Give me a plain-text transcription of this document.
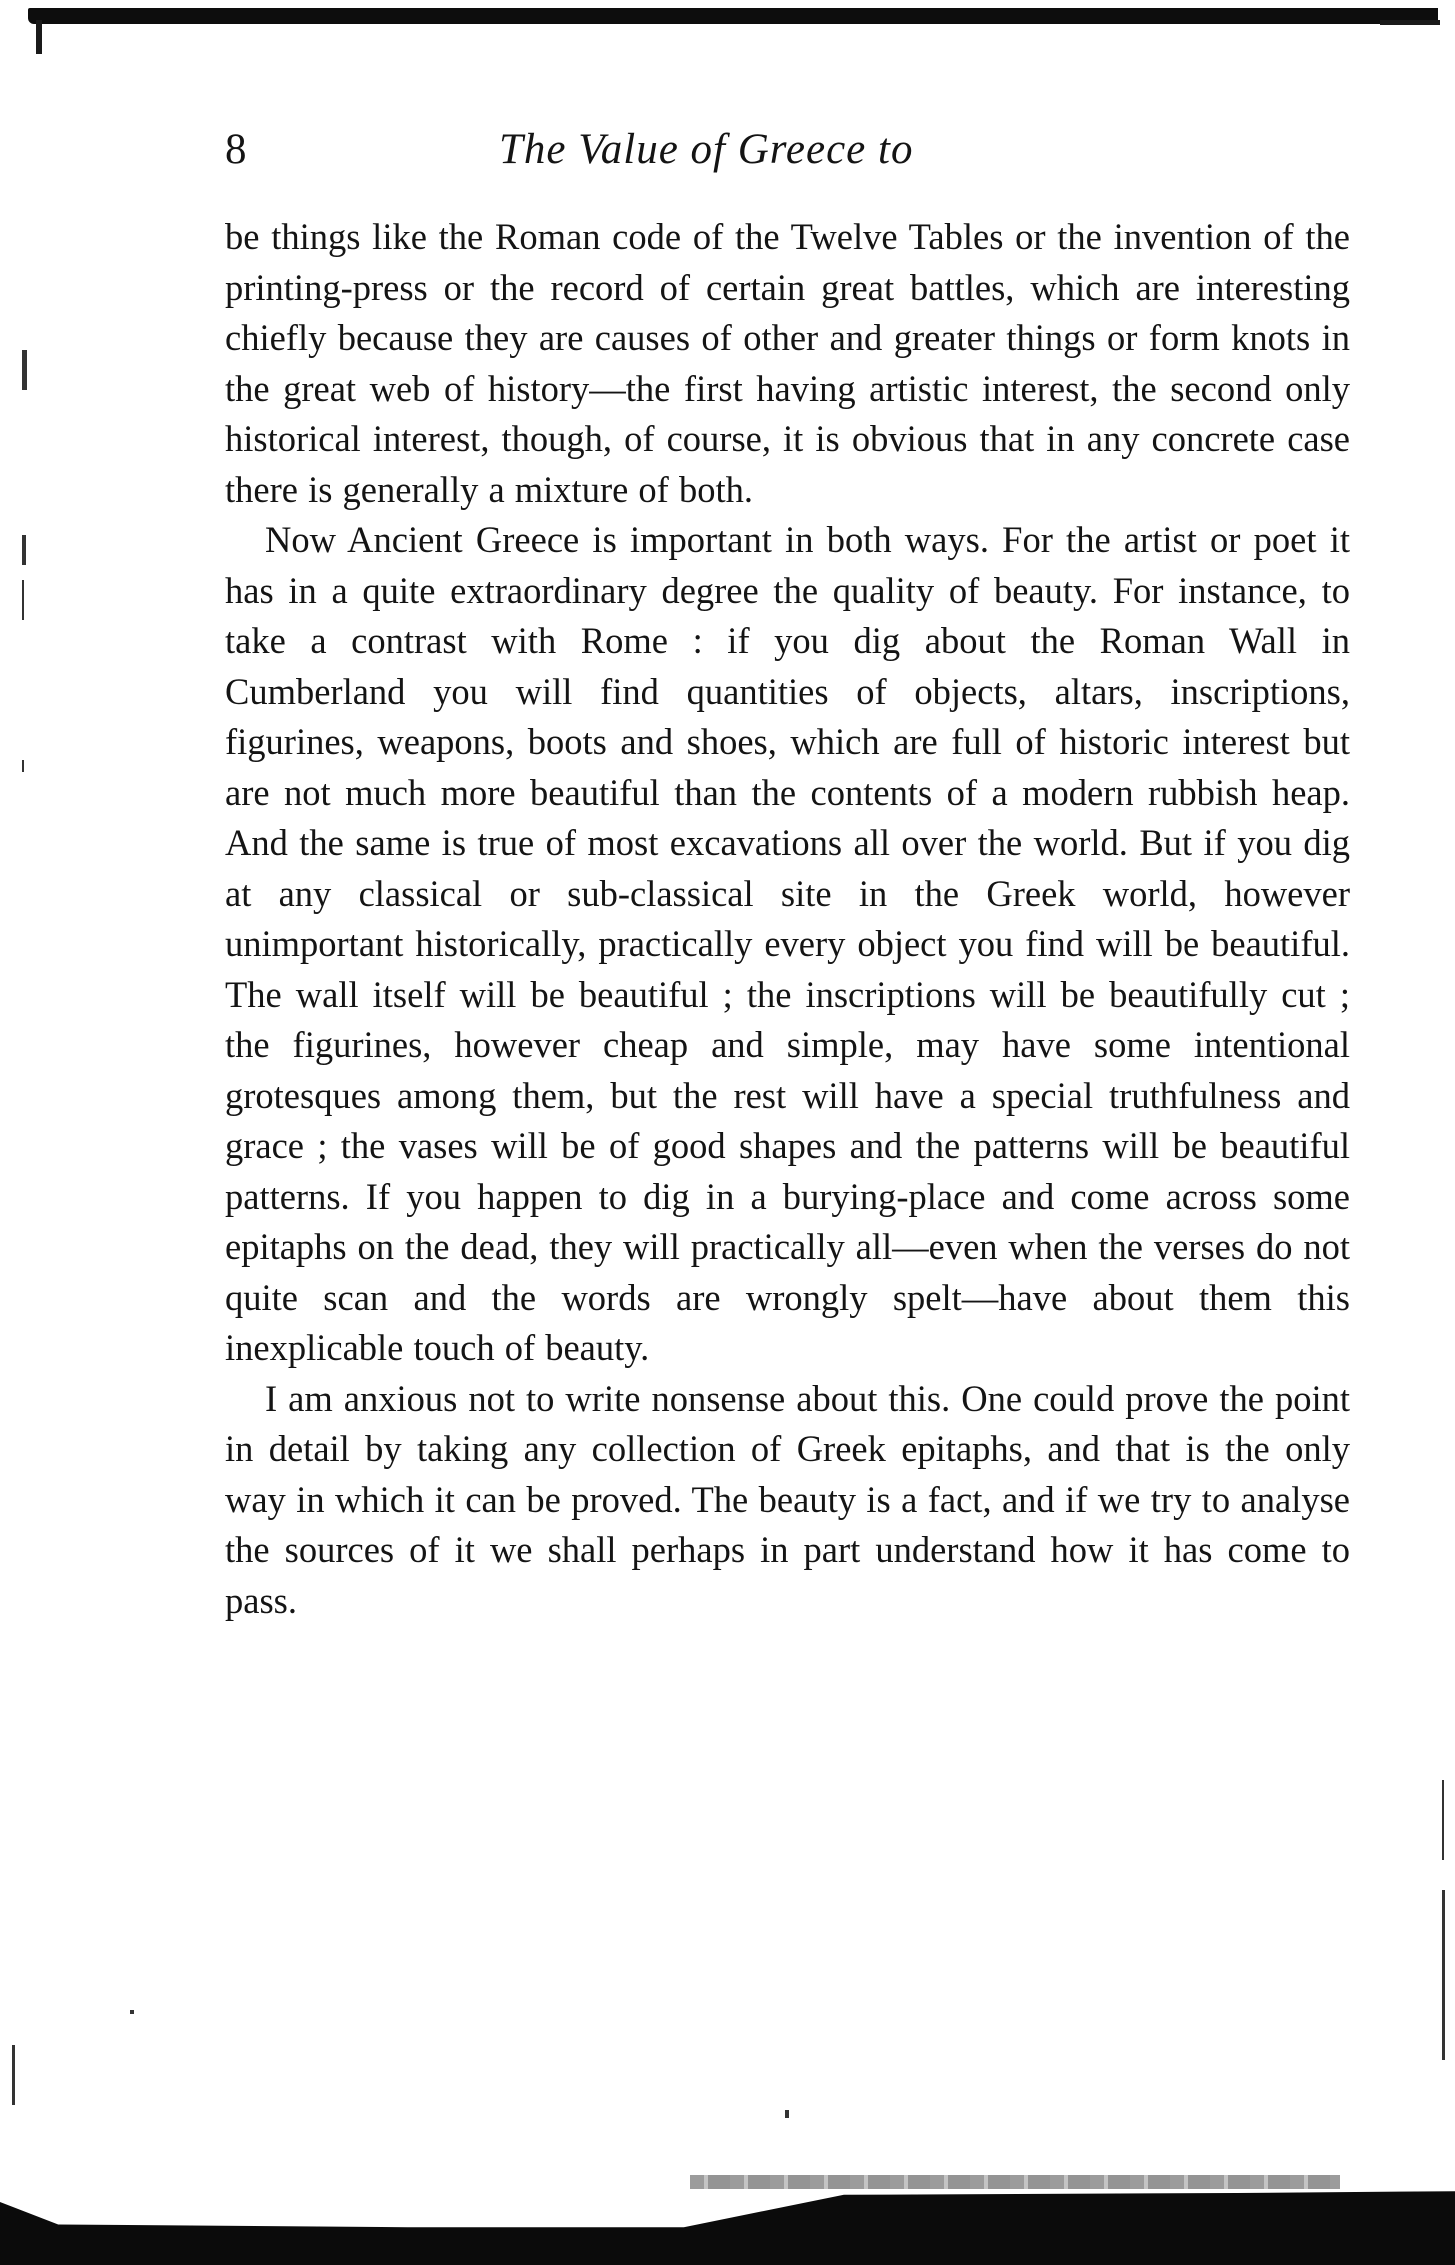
8	The Value of Greece to

be things like the Roman code of the Twelve Tables or the invention of the printing-press or the record of certain great battles, which are interesting chiefly because they are causes of other and greater things or form knots in the great web of history—the first having artistic interest, the second only historical interest, though, of course, it is obvious that in any concrete case there is generally a mixture of both.

Now Ancient Greece is important in both ways. For the artist or poet it has in a quite extraordinary degree the quality of beauty. For instance, to take a contrast with Rome : if you dig about the Roman Wall in Cumberland you will find quantities of objects, altars, inscriptions, figurines, weapons, boots and shoes, which are full of historic interest but are not much more beautiful than the contents of a modern rubbish heap. And the same is true of most excavations all over the world. But if you dig at any classical or sub-classical site in the Greek world, however unimportant historically, practically every object you find will be beautiful. The wall itself will be beautiful ; the inscriptions will be beautifully cut ; the figurines, however cheap and simple, may have some intentional grotesques among them, but the rest will have a special truthfulness and grace ; the vases will be of good shapes and the patterns will be beautiful patterns. If you happen to dig in a burying-place and come across some epitaphs on the dead, they will practically all—even when the verses do not quite scan and the words are wrongly spelt—have about them this inexplicable touch of beauty.

I am anxious not to write nonsense about this. One could prove the point in detail by taking any collection of Greek epitaphs, and that is the only way in which it can be proved. The beauty is a fact, and if we try to analyse the sources of it we shall perhaps in part understand how it has come to pass.
